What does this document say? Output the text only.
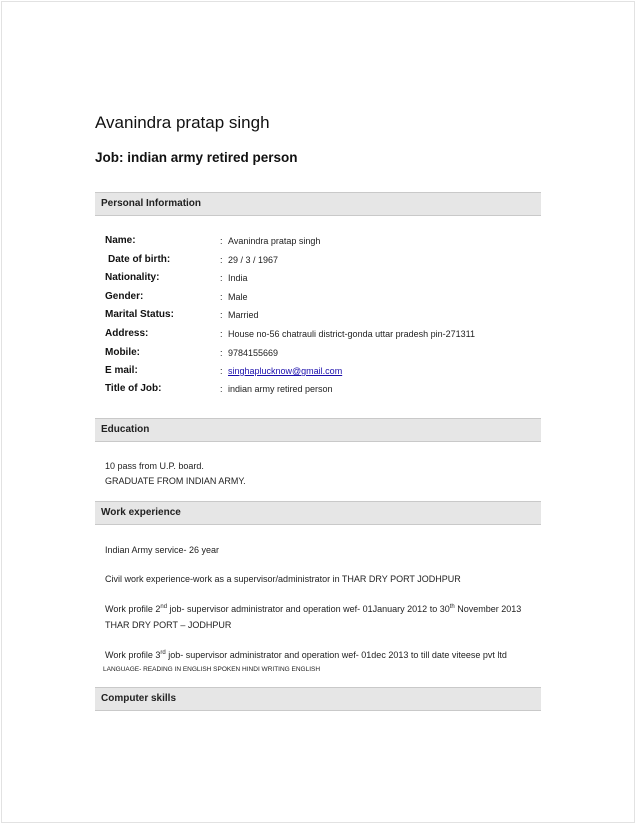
Avanindra pratap singh
Job: indian army retired person
Personal Information
Name:	: Avanindra pratap singh
Date of birth:	: 29 / 3 / 1967
Nationality:	: India
Gender:	: Male
Marital Status:	: Married
Address:	: House no-56 chatrauli district-gonda uttar pradesh pin-271311
Mobile:	: 9784155669
E mail:	: singhaplucknow@gmail.com
Title of Job:	: indian army retired person
Education
10 pass from U.P. board.
GRADUATE FROM INDIAN ARMY.
Work experience
Indian Army service- 26 year
Civil work experience-work as a supervisor/administrator in THAR DRY PORT JODHPUR
Work profile 2nd job- supervisor administrator and operation wef- 01January 2012 to 30th November 2013
THAR DRY PORT – JODHPUR
Work profile 3rd job- supervisor administrator and operation wef- 01dec 2013 to till date viteese pvt ltd
LANGUAGE- READING IN ENGLISH SPOKEN HINDI WRITING ENGLISH
Computer skills
